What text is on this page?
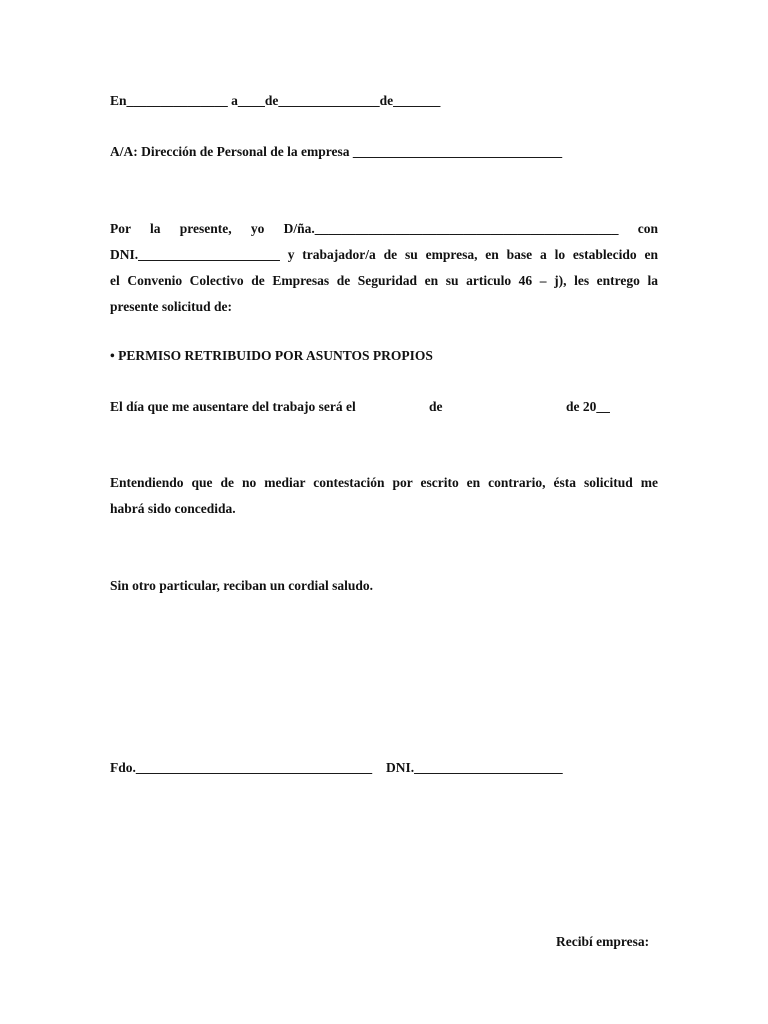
En_______________ a____de_______________de_______
A/A: Dirección de Personal de la empresa _______________________________
Por la presente, yo D/ña._____________________________________________ con
DNI._____________________ y trabajador/a de su empresa, en base a lo establecido en
el Convenio Colectivo de Empresas de Seguridad en su articulo 46 – j), les entrego la
presente solicitud de:
• PERMISO RETRIBUIDO POR ASUNTOS PROPIOS
El día que me ausentare del trabajo será el	de	de 20__
Entendiendo que de no mediar contestación por escrito en contrario, ésta solicitud me
habrá sido concedida.
Sin otro particular, reciban un cordial saludo.
Fdo.___________________________________ DNI.______________________
Recibí empresa:
